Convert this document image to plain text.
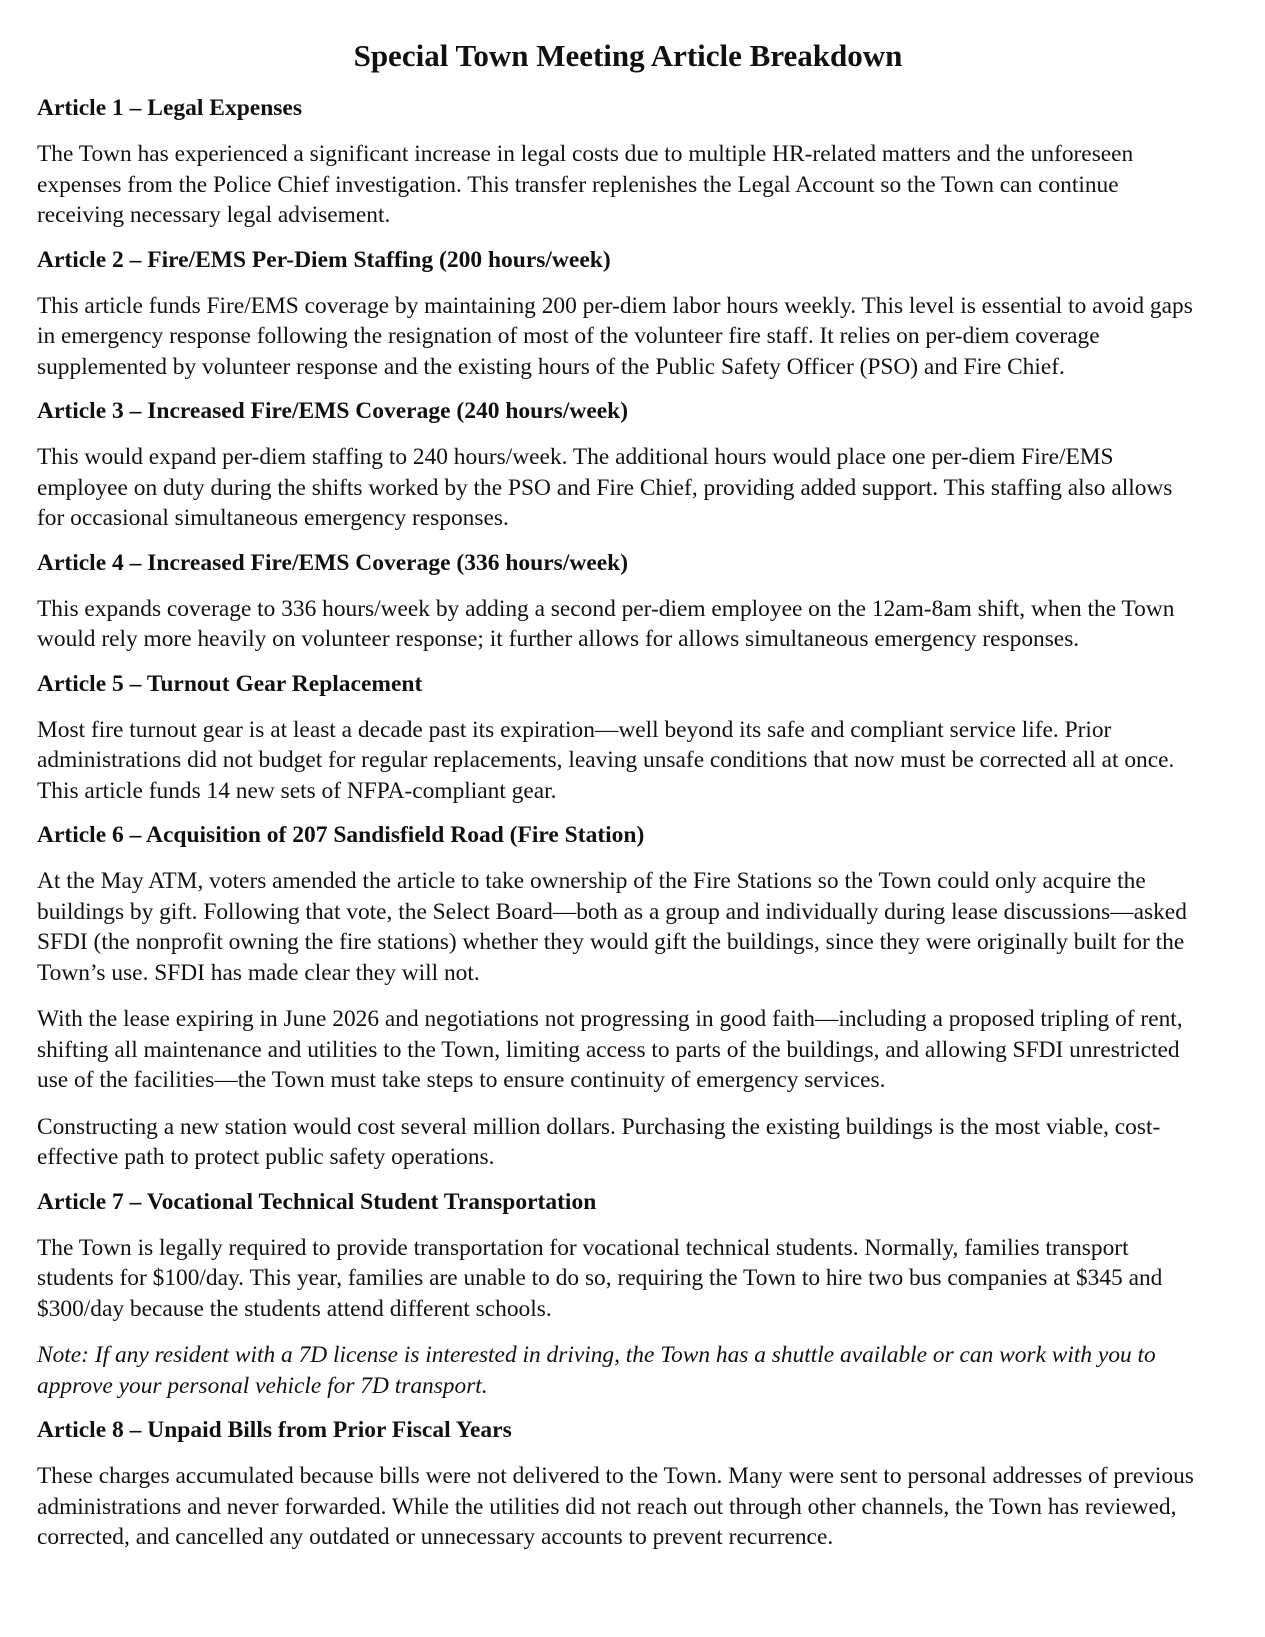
Special Town Meeting Article Breakdown
Article 1 – Legal Expenses

The Town has experienced a significant increase in legal costs due to multiple HR-related matters and the unforeseen expenses from the Police Chief investigation. This transfer replenishes the Legal Account so the Town can continue receiving necessary legal advisement.

Article 2 – Fire/EMS Per-Diem Staffing (200 hours/week)

This article funds Fire/EMS coverage by maintaining 200 per-diem labor hours weekly. This level is essential to avoid gaps in emergency response following the resignation of most of the volunteer fire staff. It relies on per-diem coverage supplemented by volunteer response and the existing hours of the Public Safety Officer (PSO) and Fire Chief.

Article 3 – Increased Fire/EMS Coverage (240 hours/week)

This would expand per-diem staffing to 240 hours/week. The additional hours would place one per-diem Fire/EMS employee on duty during the shifts worked by the PSO and Fire Chief, providing added support. This staffing also allows for occasional simultaneous emergency responses.

Article 4 – Increased Fire/EMS Coverage (336 hours/week)

This expands coverage to 336 hours/week by adding a second per-diem employee on the 12am-8am shift, when the Town would rely more heavily on volunteer response; it further allows for allows simultaneous emergency responses.

Article 5 – Turnout Gear Replacement

Most fire turnout gear is at least a decade past its expiration—well beyond its safe and compliant service life. Prior administrations did not budget for regular replacements, leaving unsafe conditions that now must be corrected all at once. This article funds 14 new sets of NFPA-compliant gear.

Article 6 – Acquisition of 207 Sandisfield Road (Fire Station)

At the May ATM, voters amended the article to take ownership of the Fire Stations so the Town could only acquire the buildings by gift. Following that vote, the Select Board—both as a group and individually during lease discussions—asked SFDI (the nonprofit owning the fire stations) whether they would gift the buildings, since they were originally built for the Town’s use. SFDI has made clear they will not.

With the lease expiring in June 2026 and negotiations not progressing in good faith—including a proposed tripling of rent, shifting all maintenance and utilities to the Town, limiting access to parts of the buildings, and allowing SFDI unrestricted use of the facilities—the Town must take steps to ensure continuity of emergency services.

Constructing a new station would cost several million dollars. Purchasing the existing buildings is the most viable, cost-effective path to protect public safety operations.

Article 7 – Vocational Technical Student Transportation

The Town is legally required to provide transportation for vocational technical students. Normally, families transport students for $100/day. This year, families are unable to do so, requiring the Town to hire two bus companies at $345 and $300/day because the students attend different schools.

Note: If any resident with a 7D license is interested in driving, the Town has a shuttle available or can work with you to approve your personal vehicle for 7D transport.

Article 8 – Unpaid Bills from Prior Fiscal Years

These charges accumulated because bills were not delivered to the Town. Many were sent to personal addresses of previous administrations and never forwarded. While the utilities did not reach out through other channels, the Town has reviewed, corrected, and cancelled any outdated or unnecessary accounts to prevent recurrence.
